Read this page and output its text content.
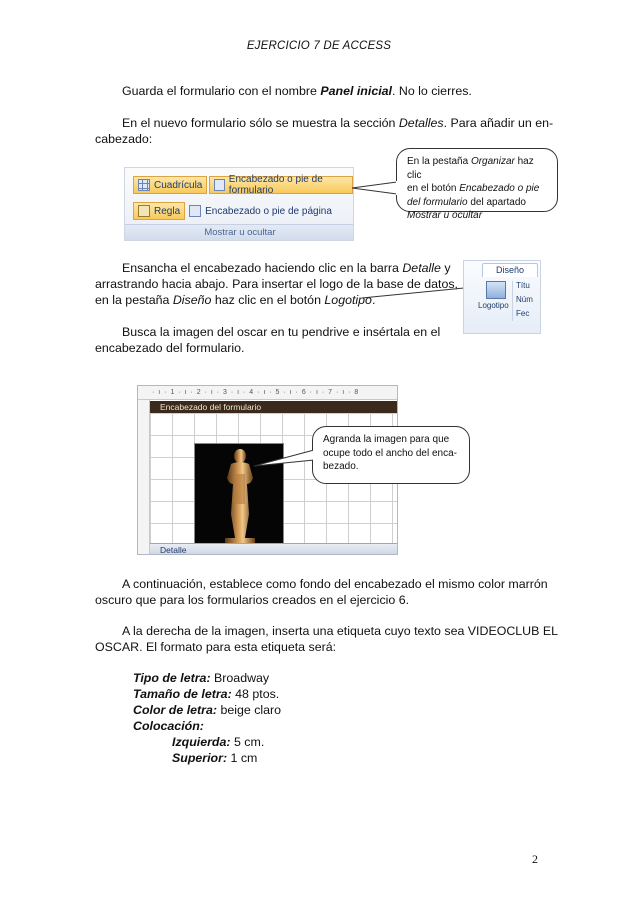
EJERCICIO 7 DE ACCESS
Guarda el formulario con el nombre Panel inicial. No lo cierres.
En el nuevo formulario sólo se muestra la sección Detalles. Para añadir un en-
cabezado:
Cuadrícula	Encabezado o pie de formulario
Regla	Encabezado o pie de página
Mostrar u ocultar
En la pestaña Organizar haz clic
en el botón Encabezado o pie
del formulario del apartado
Mostrar u ocultar
Ensancha el encabezado haciendo clic en la barra Detalle y
arrastrando hacia abajo. Para insertar el logo de la base de datos,
en la pestaña Diseño haz clic en el botón Logotipo.
Diseño
Logotipo
Títu
Núm
Fec
Busca la imagen del oscar en tu pendrive e insértala en el
encabezado del formulario.
· ı · 1 · ı · 2 · ı · 3 · ı · 4 · ı · 5 · ı · 6 · ı · 7 · ı · 8
Encabezado del formulario
Detalle
Agranda la imagen para que
ocupe todo el ancho del enca-
bezado.
A continuación, establece como fondo del encabezado el mismo color marrón
oscuro que para los formularios creados en el ejercicio 6.
A la derecha de la imagen, inserta una etiqueta cuyo texto sea VIDEOCLUB EL
OSCAR. El formato para esta etiqueta será:
Tipo de letra: Broadway
Tamaño de letra: 48 ptos.
Color de letra: beige claro
Colocación:
Izquierda: 5 cm.
Superior: 1 cm
2
